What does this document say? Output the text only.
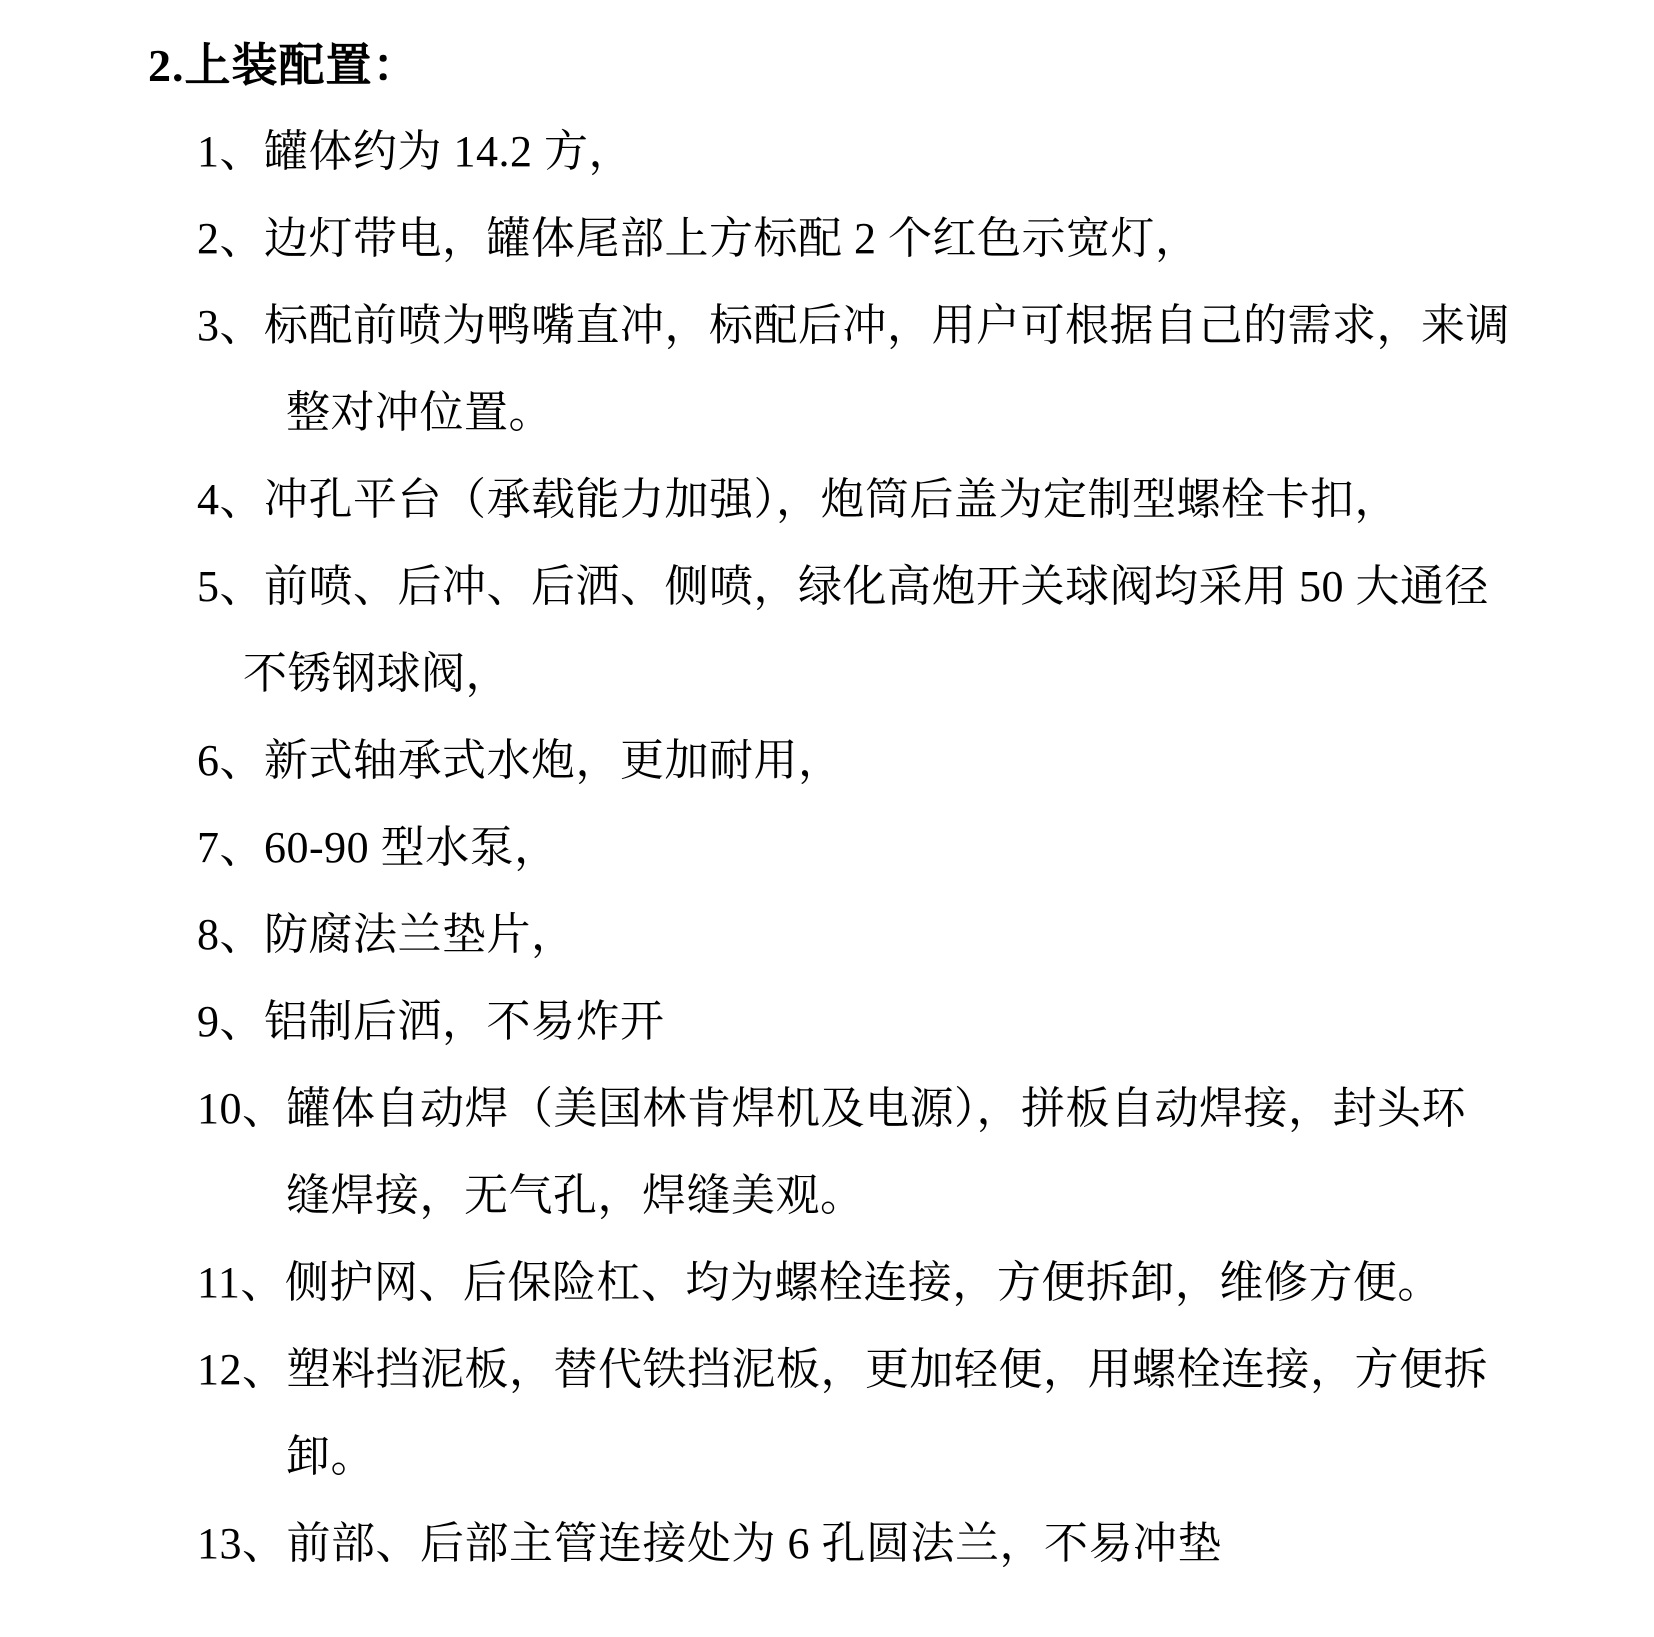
2.上装配置：
1、罐体约为 14.2 方，
2、边灯带电，罐体尾部上方标配 2 个红色示宽灯，
3、标配前喷为鸭嘴直冲，标配后冲，用户可根据自己的需求，来调
整对冲位置。
4、冲孔平台（承载能力加强），炮筒后盖为定制型螺栓卡扣，
5、前喷、后冲、后洒、侧喷，绿化高炮开关球阀均采用 50 大通径
不锈钢球阀，
6、新式轴承式水炮，更加耐用，
7、60-90 型水泵，
8、防腐法兰垫片，
9、铝制后洒，不易炸开
10、罐体自动焊（美国林肯焊机及电源），拼板自动焊接，封头环
缝焊接，无气孔，焊缝美观。
11、侧护网、后保险杠、均为螺栓连接，方便拆卸，维修方便。
12、塑料挡泥板，替代铁挡泥板，更加轻便，用螺栓连接，方便拆
卸。
13、前部、后部主管连接处为 6 孔圆法兰，不易冲垫
